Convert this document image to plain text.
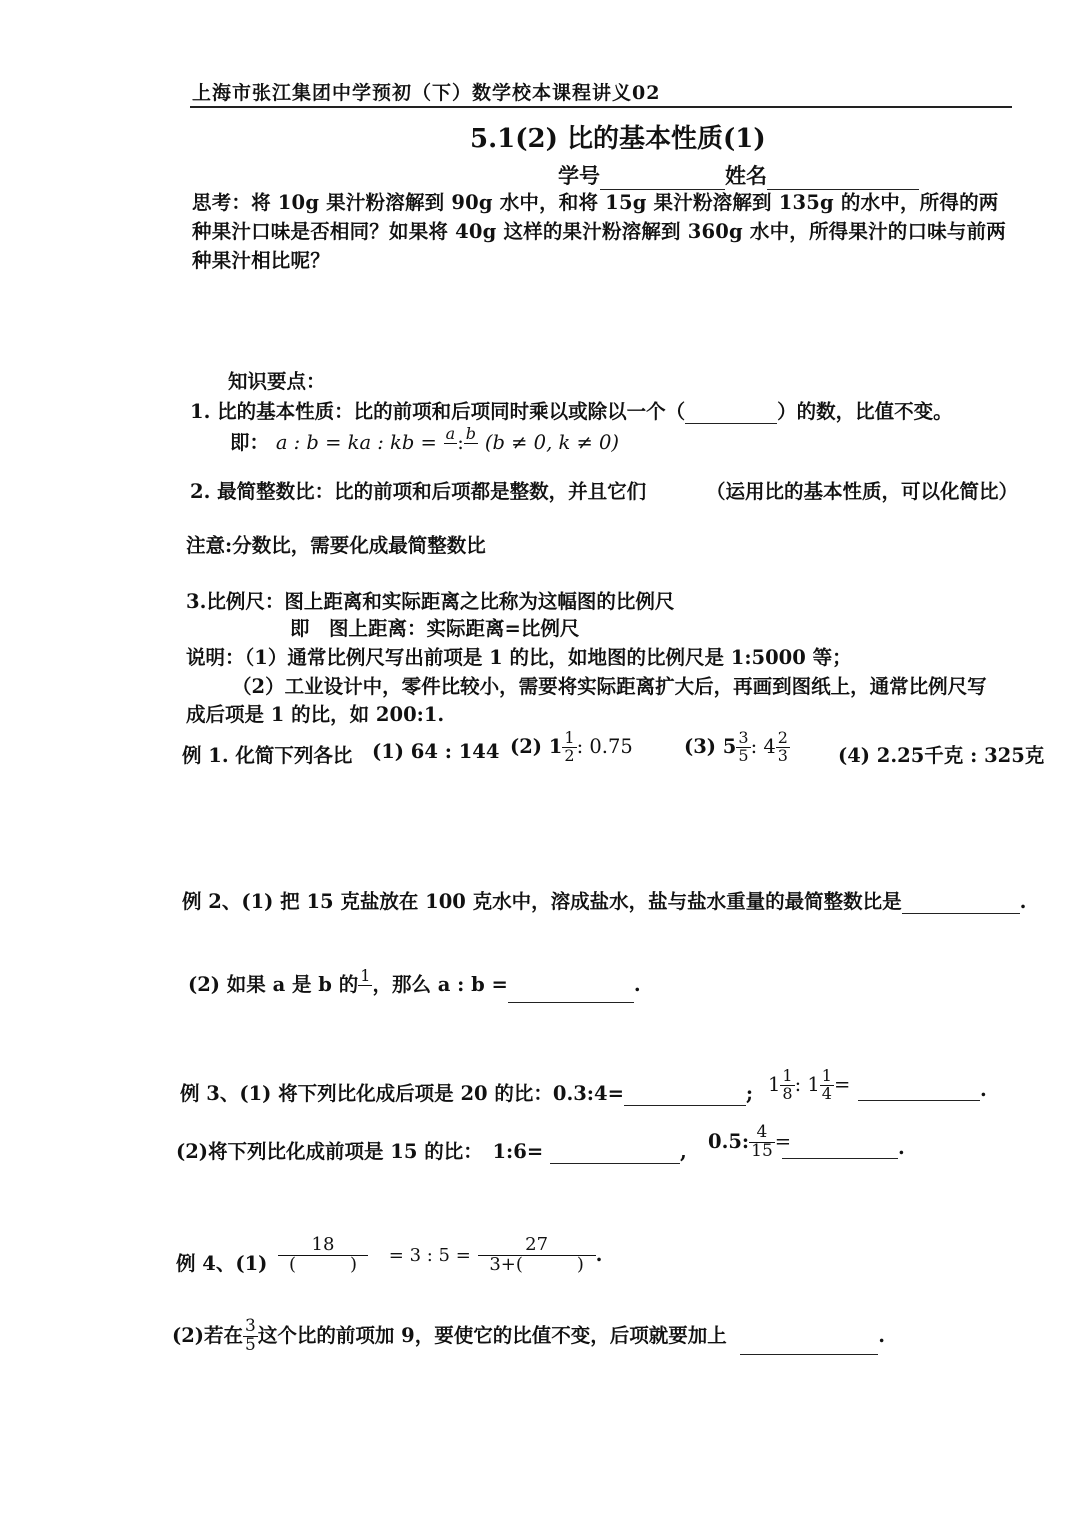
上海市张江集团中学预初（下）数学校本课程讲义02
5.1(2) 比的基本性质(1)
学号	姓名
思考：将 10g 果汁粉溶解到 90g 水中，和将 15g 果汁粉溶解到 135g 的水中，所得的两种果汁口味是否相同？如果将 40g 这样的果汁粉溶解到 360g 水中，所得果汁的口味与前两种果汁相比呢？
知识要点：
1. 比的基本性质：比的前项和后项同时乘以或除以一个（	）的数，比值不变。
即： a : b = ka : kb = a
: b
(b ≠ 0, k ≠ 0)
2. 最简整数比：比的前项和后项都是整数，并且它们	（运用比的基本性质，可以化简比）
注意:分数比，需要化成最简整数比
3.比例尺：图上距离和实际距离之比称为这幅图的比例尺
即　图上距离：实际距离=比例尺
说明：（1）通常比例尺写出前项是 1 的比，如地图的比例尺是 1:5000 等；
（2）工业设计中，零件比较小，需要将实际距离扩大后，再画到图纸上，通常比例尺写
成后项是 1 的比，如 200:1.
例 1. 化简下列各比 (1) 64 : 144 (2) $1 \frac{1}{2}$ : 0.75	(3) $5 \frac{3}{5}$ : $4 \frac{2}{3} (4)$ 2.25千克 : 325克
例 2、(1) 把 15 克盐放在 100 克水中，溶成盐水，盐与盐水重量的最简整数比是	.
(2) 如果 a 是 b 的 1
，那么 a : b =	.
例 3、(1) 将下列比化成后项是 20 的比：0.3:4=	; $1 \frac{1}{8}$ : $1 \frac{1}{4}$ =	.
(2)将下列比化成前项是 15 的比：　1:6=	, 0.5: $\frac{4}{15}$ =	.
例 4、$(1) \frac{18}{( )} = 3$ : $5 = \frac{27}{3+( )}$ .
(2)若在 $\frac{3}{5}$ 这个比的前项加 9，要使它的比值不变，后项就要加上	.
